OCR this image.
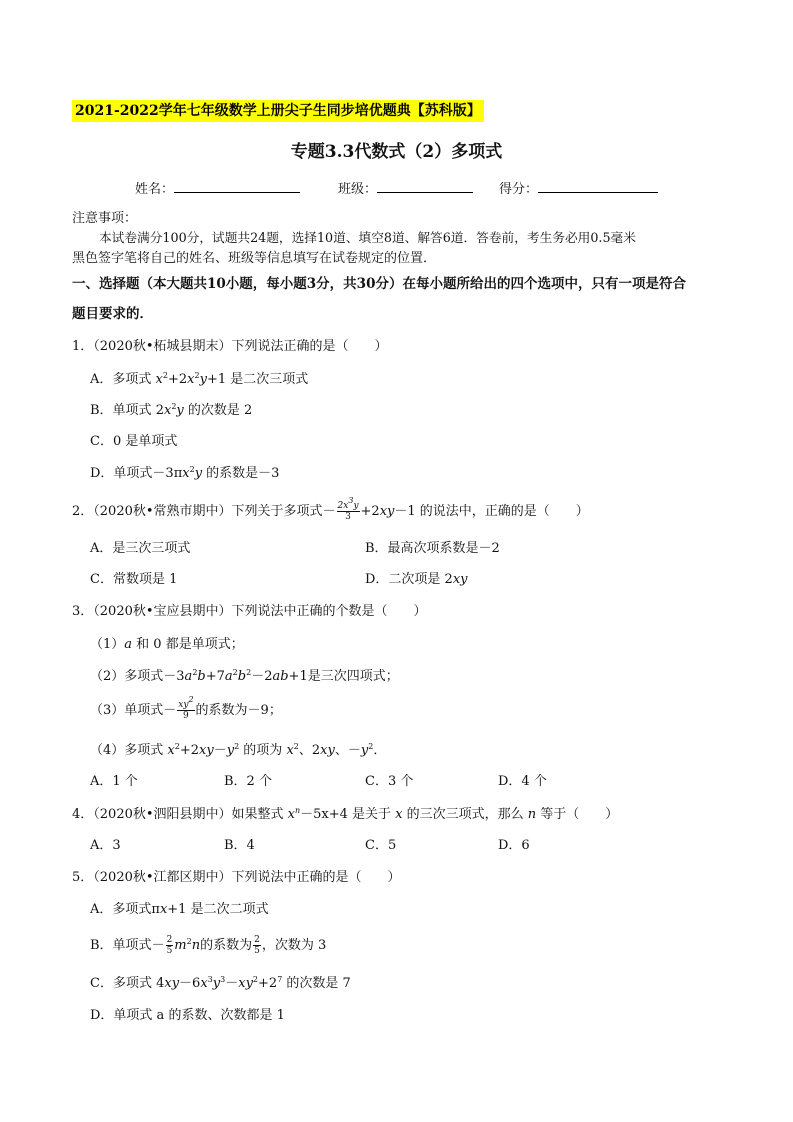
2021-2022学年七年级数学上册尖子生同步培优题典【苏科版】
专题3.3代数式（2）多项式
姓名：	班级：	得分：
注意事项：
本试卷满分100分，试题共24题，选择10道、填空8道、解答6道．答卷前，考生务必用0.5毫米
黑色签字笔将自己的姓名、班级等信息填写在试卷规定的位置．
一、选择题（本大题共10小题，每小题3分，共30分）在每小题所给出的四个选项中，只有一项是符合
题目要求的．
1．（2020秋•柘城县期末）下列说法正确的是（　　）
A．多项式 $x^2+2x^2y+1$ 是二次三项式
B．单项式 $2x^2y$ 的次数是 2
C．0 是单项式
D．单项式$-3\pi x^2y$ 的系数是－3
2．（2020秋•常熟市期中）下列关于多项式－ $\frac{2x^3y}{3} +2xy-1$ 的说法中，正确的是（　　）
A．是三次三项式	B．最高次项系数是－2
C．常数项是 1	D．二次项是 2xy
3．（2020秋•宝应县期中）下列说法中正确的个数是（　　）
（1）a 和 0 都是单项式；
（2）多项式$-3a^2b+7a^2b^2-2ab+1$是三次四项式；
（3）单项式－ $\frac{xy^2}{9}$ 的系数为－9；
（4）多项式 $x^2+2xy-y^2$ 的项为 $x^2$、2xy、$-y^2$．
A．1 个	B．2 个	C．3 个	D．4 个
4．（2020秋•泗阳县期中）如果整式 $x^n-5x+4$ 是关于 x 的三次三项式，那么 n 等于（　　）
A．3	B．4	C．5	D．6
5．（2020秋•江都区期中）下列说法中正确的是（　　）
A．多项式πx+1 是二次二项式
B．单项式－ $\frac{2}{5} m^2n$的系数为 $\frac{2}{5}$ ，次数为 3
C．多项式 $4xy-6x^3y^3-xy^2+2^7$ 的次数是 7
D．单项式 a 的系数、次数都是 1
